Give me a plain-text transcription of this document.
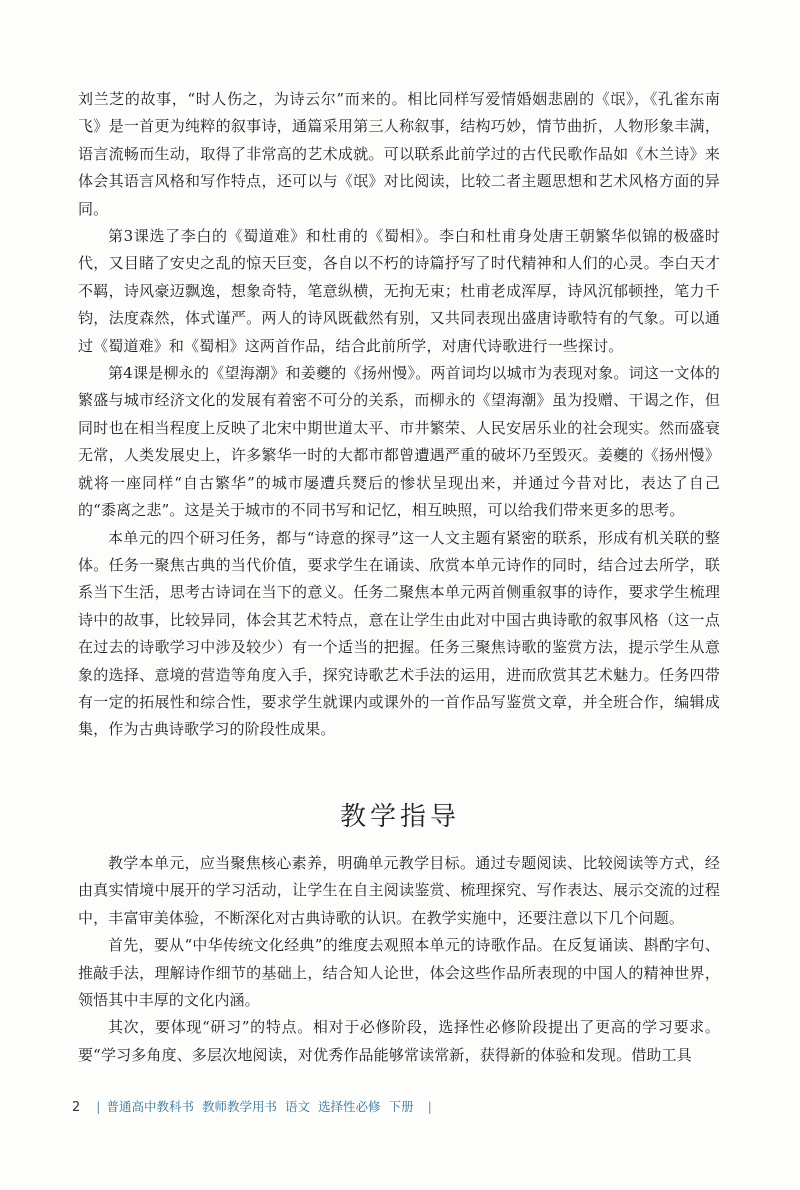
刘兰芝的故事，“时人伤之，为诗云尔”而来的。相比同样写爱情婚姻悲剧的《氓》，《孔雀东南飞》是一首更为纯粹的叙事诗，通篇采用第三人称叙事，结构巧妙，情节曲折，人物形象丰满，语言流畅而生动，取得了非常高的艺术成就。可以联系此前学过的古代民歌作品如《木兰诗》来体会其语言风格和写作特点，还可以与《氓》对比阅读，比较二者主题思想和艺术风格方面的异同。

第3课选了李白的《蜀道难》和杜甫的《蜀相》。李白和杜甫身处唐王朝繁华似锦的极盛时代，又目睹了安史之乱的惊天巨变，各自以不朽的诗篇抒写了时代精神和人们的心灵。李白天才不羁，诗风豪迈飘逸，想象奇特，笔意纵横，无拘无束；杜甫老成浑厚，诗风沉郁顿挫，笔力千钧，法度森然，体式谨严。两人的诗风既截然有别，又共同表现出盛唐诗歌特有的气象。可以通过《蜀道难》和《蜀相》这两首作品，结合此前所学，对唐代诗歌进行一些探讨。

第4课是柳永的《望海潮》和姜夔的《扬州慢》。两首词均以城市为表现对象。词这一文体的繁盛与城市经济文化的发展有着密不可分的关系，而柳永的《望海潮》虽为投赠、干谒之作，但同时也在相当程度上反映了北宋中期世道太平、市井繁荣、人民安居乐业的社会现实。然而盛衰无常，人类发展史上，许多繁华一时的大都市都曾遭遇严重的破坏乃至毁灭。姜夔的《扬州慢》就将一座同样“自古繁华”的城市屡遭兵燹后的惨状呈现出来，并通过今昔对比，表达了自己的“黍离之悲”。这是关于城市的不同书写和记忆，相互映照，可以给我们带来更多的思考。

本单元的四个研习任务，都与“诗意的探寻”这一人文主题有紧密的联系，形成有机关联的整体。任务一聚焦古典的当代价值，要求学生在诵读、欣赏本单元诗作的同时，结合过去所学，联系当下生活，思考古诗词在当下的意义。任务二聚焦本单元两首侧重叙事的诗作，要求学生梳理诗中的故事，比较异同，体会其艺术特点，意在让学生由此对中国古典诗歌的叙事风格（这一点在过去的诗歌学习中涉及较少）有一个适当的把握。任务三聚焦诗歌的鉴赏方法，提示学生从意象的选择、意境的营造等角度入手，探究诗歌艺术手法的运用，进而欣赏其艺术魅力。任务四带有一定的拓展性和综合性，要求学生就课内或课外的一首作品写鉴赏文章，并全班合作，编辑成集，作为古典诗歌学习的阶段性成果。

教学指导

教学本单元，应当聚焦核心素养，明确单元教学目标。通过专题阅读、比较阅读等方式，经由真实情境中展开的学习活动，让学生在自主阅读鉴赏、梳理探究、写作表达、展示交流的过程中，丰富审美体验，不断深化对古典诗歌的认识。在教学实施中，还要注意以下几个问题。

首先，要从“中华传统文化经典”的维度去观照本单元的诗歌作品。在反复诵读、斟酌字句、推敲手法，理解诗作细节的基础上，结合知人论世，体会这些作品所表现的中国人的精神世界，领悟其中丰厚的文化内涵。

其次，要体现“研习”的特点。相对于必修阶段，选择性必修阶段提出了更高的学习要求。要“学习多角度、多层次地阅读，对优秀作品能够常读常新，获得新的体验和发现。借助工具

2 | 普通高中教科书 教师教学用书 语文 选择性必修 下册 |
